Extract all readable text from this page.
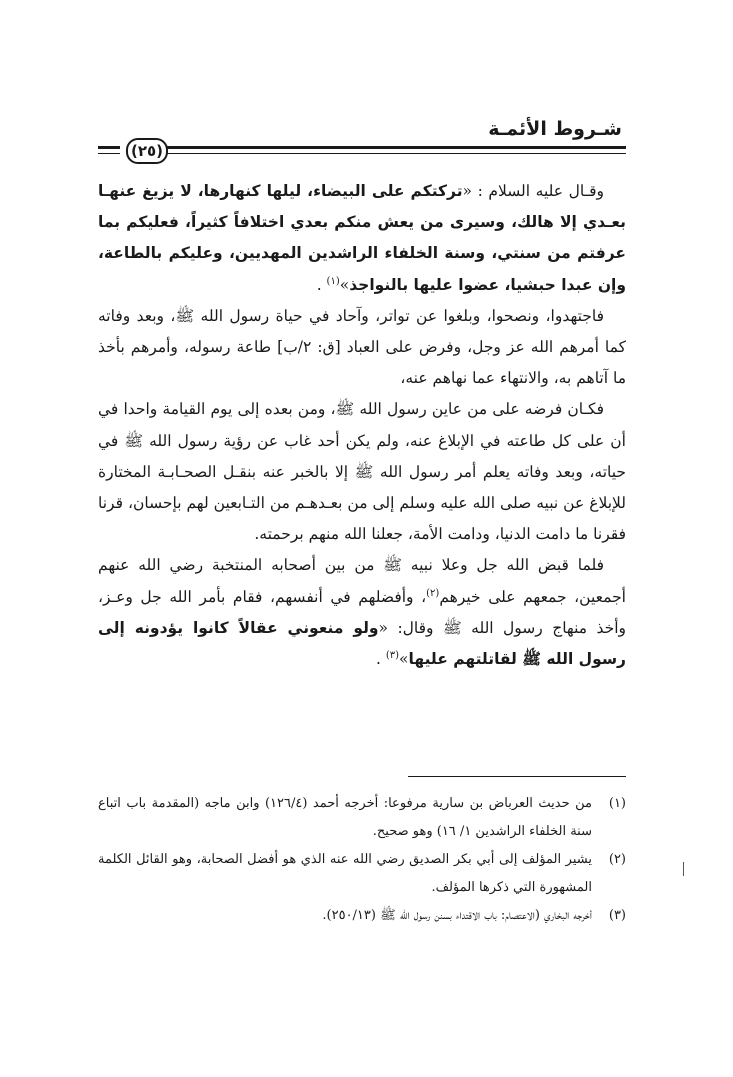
شـروط الأئمـة
(٢٥)

وقـال عليه السلام : «تركتكم على البيضاء، ليلها كنهارها، لا يزيغ عنهـا بعـدي إلا هالك، وسيرى من يعش منكم بعدي اختلافاً كثيراً، فعليكم بما عرفتم من سنتي، وسنة الخلفاء الراشدين المهديين، وعليكم بالطاعة، وإن عبدا حبشيا، عضوا عليها بالنواجذ»$^{(١)}$ .

فاجتهدوا، ونصحوا، وبلغوا عن تواتر، وآحاد في حياة رسول الله ﷺ، وبعد وفاته كما أمرهم الله عز وجل، وفرض على العباد [ق: ٢/ب] طاعة رسوله، وأمرهم بأخذ ما آتاهم به، والانتهاء عما نهاهم عنه،

فكـان فرضه على من عاين رسول الله ﷺ، ومن بعده إلى يوم القيامة واحدا في أن على كل طاعته في الإبلاغ عنه، ولم يكن أحد غاب عن رؤية رسول الله ﷺ في حياته، وبعد وفاته يعلم أمر رسول الله ﷺ إلا بالخبر عنه بنقـل الصحـابـة المختارة للإبلاغ عن نبيه صلى الله عليه وسلم إلى من بعـدهـم من التـابعين لهم بإحسان، قرنا فقرنا ما دامت الدنيا، ودامت الأمة، جعلنا الله منهم برحمته.

فلما قبض الله جل وعلا نبيه ﷺ من بين أصحابه المنتخبة رضي الله عنهم أجمعين، جمعهم على خيرهم$^{(٢)}$، وأفضلهم في أنفسهم، فقام بأمر الله جل وعـز، وأخذ منهاج رسول الله ﷺ وقال: «ولو منعوني عقالاً كانوا يؤدونه إلى رسول الله ﷺ لقاتلتهم عليها»$^{(٣)}$ .

(١)
من حديث العرباض بن سارية مرفوعا: أخرجه أحمد (١٢٦/٤) وابن ماجه (المقدمة باب اتباع سنة الخلفاء الراشدين ١/ ١٦) وهو صحيح.
(٢)
يشير المؤلف إلى أبي بكر الصديق رضي الله عنه الذي هو أفضل الصحابة، وهو القائل الكلمة المشهورة التي ذكرها المؤلف.
(٣)
أخرجه البخاري (الاعتصام: باب الاقتداء بسنن رسول الله ﷺ (٢٥٠/١٣).
